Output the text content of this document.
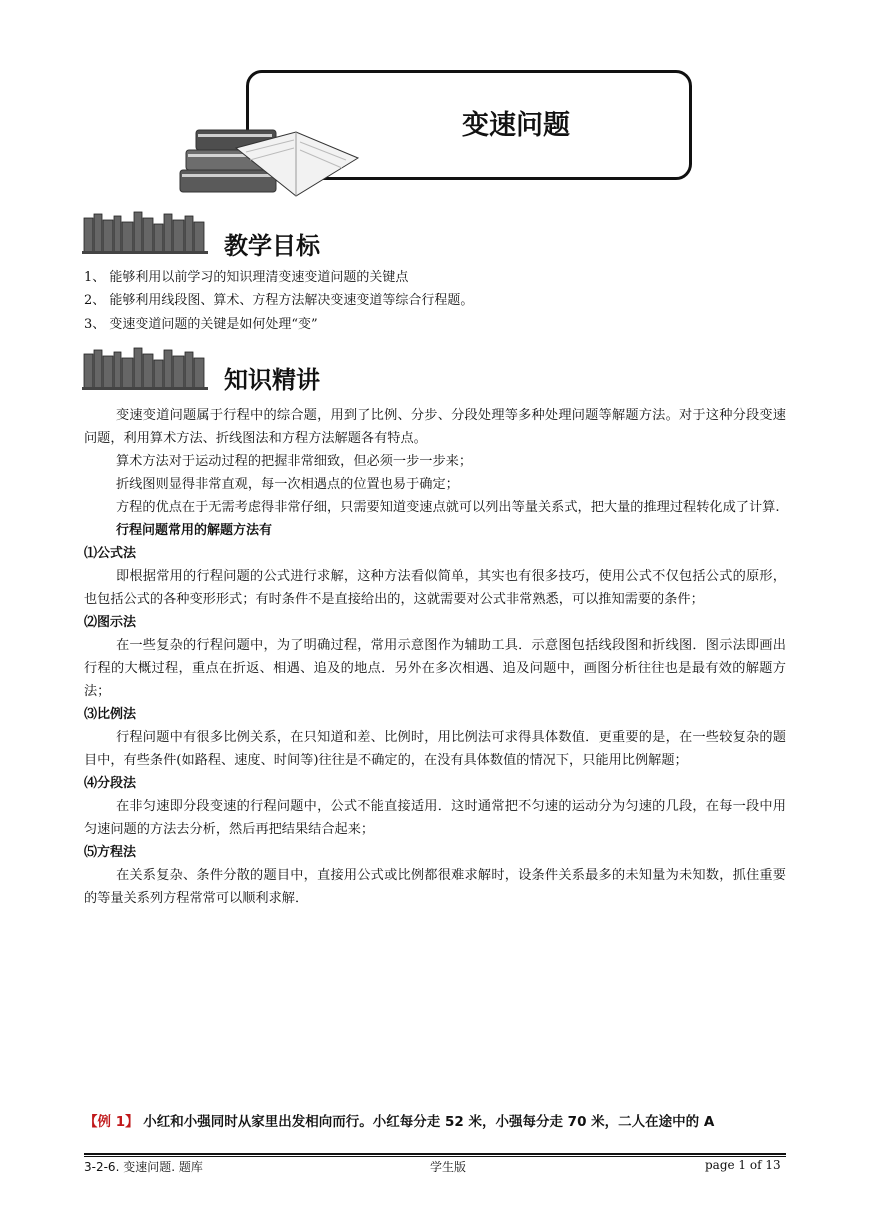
变速问题
教学目标
1、 能够利用以前学习的知识理清变速变道问题的关键点
2、 能够利用线段图、算术、方程方法解决变速变道等综合行程题。
3、 变速变道问题的关键是如何处理“变”
知识精讲

变速变道问题属于行程中的综合题，用到了比例、分步、分段处理等多种处理问题等解题方法。对于这种分段变速问题，利用算术方法、折线图法和方程方法解题各有特点。

算术方法对于运动过程的把握非常细致，但必须一步一步来；

折线图则显得非常直观，每一次相遇点的位置也易于确定；

方程的优点在于无需考虑得非常仔细，只需要知道变速点就可以列出等量关系式，把大量的推理过程转化成了计算.

行程问题常用的解题方法有

⑴公式法

即根据常用的行程问题的公式进行求解，这种方法看似简单，其实也有很多技巧，使用公式不仅包括公式的原形，也包括公式的各种变形形式；有时条件不是直接给出的，这就需要对公式非常熟悉，可以推知需要的条件；

⑵图示法

在一些复杂的行程问题中，为了明确过程，常用示意图作为辅助工具．示意图包括线段图和折线图．图示法即画出行程的大概过程，重点在折返、相遇、追及的地点．另外在多次相遇、追及问题中，画图分析往往也是最有效的解题方法；

⑶比例法

行程问题中有很多比例关系，在只知道和差、比例时，用比例法可求得具体数值．更重要的是，在一些较复杂的题目中，有些条件(如路程、速度、时间等)往往是不确定的，在没有具体数值的情况下，只能用比例解题；

⑷分段法

在非匀速即分段变速的行程问题中，公式不能直接适用．这时通常把不匀速的运动分为匀速的几段，在每一段中用匀速问题的方法去分析，然后再把结果结合起来；

⑸方程法

在关系复杂、条件分散的题目中，直接用公式或比例都很难求解时，设条件关系最多的未知量为未知数，抓住重要的等量关系列方程常常可以顺利求解．

【例 1】 小红和小强同时从家里出发相向而行。小红每分走 52 米，小强每分走 70 米，二人在途中的 A
3-2-6. 变速问题. 题库	学生版	page 1 of 13
